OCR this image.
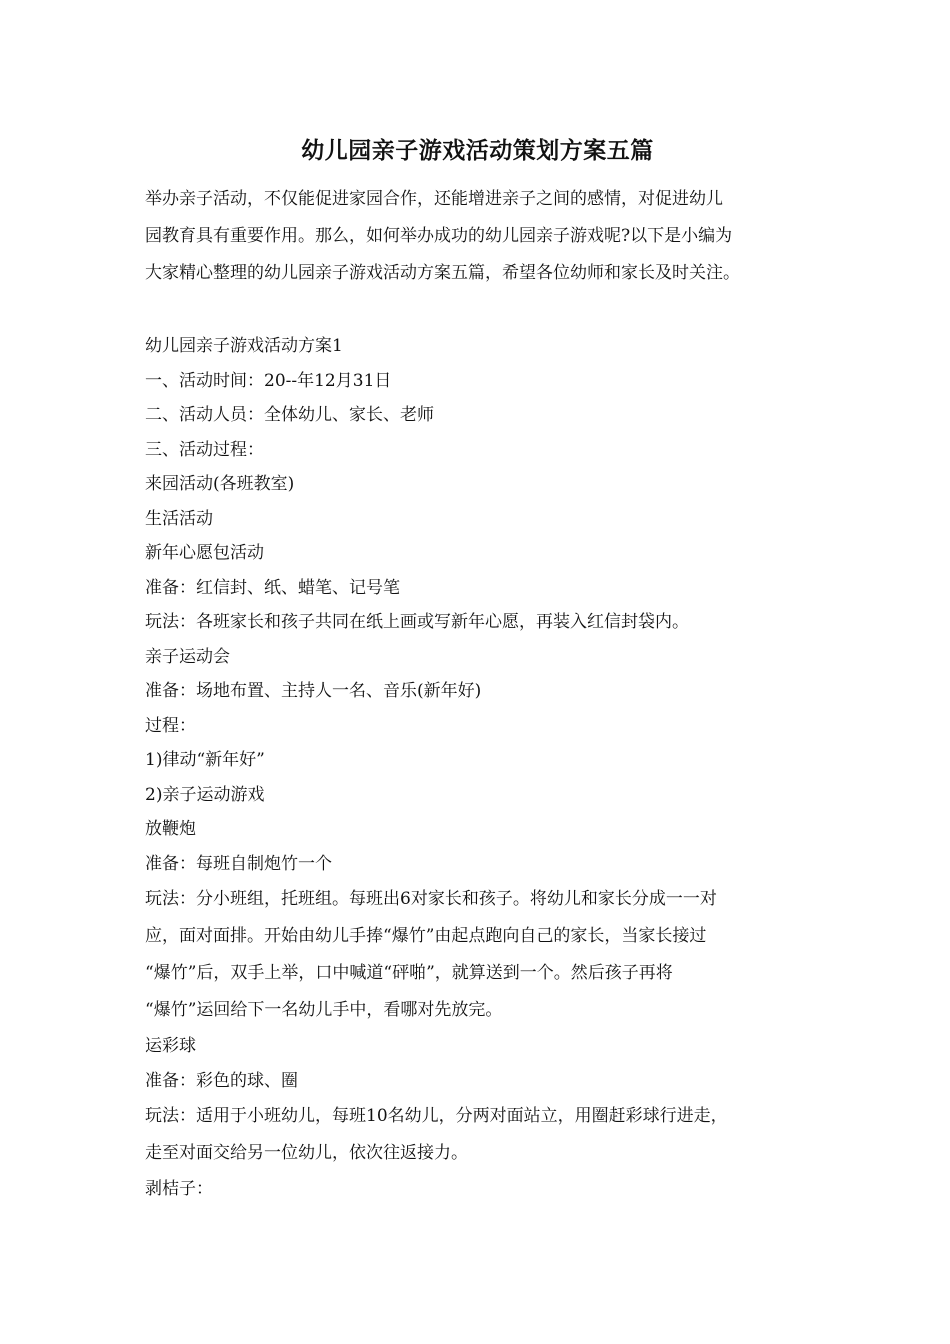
幼儿园亲子游戏活动策划方案五篇

举办亲子活动，不仅能促进家园合作，还能增进亲子之间的感情，对促进幼儿

园教育具有重要作用。那么，如何举办成功的幼儿园亲子游戏呢?以下是小编为

大家精心整理的幼儿园亲子游戏活动方案五篇，希望各位幼师和家长及时关注。

幼儿园亲子游戏活动方案1

一、活动时间：20--年12月31日

二、活动人员：全体幼儿、家长、老师

三、活动过程：

来园活动(各班教室)

生活活动

新年心愿包活动

准备：红信封、纸、蜡笔、记号笔

玩法：各班家长和孩子共同在纸上画或写新年心愿，再装入红信封袋内。

亲子运动会

准备：场地布置、主持人一名、音乐(新年好)

过程：

1)律动“新年好”

2)亲子运动游戏

放鞭炮

准备：每班自制炮竹一个

玩法：分小班组，托班组。每班出6对家长和孩子。将幼儿和家长分成一一对

应，面对面排。开始由幼儿手捧“爆竹”由起点跑向自己的家长，当家长接过

“爆竹”后，双手上举，口中喊道“砰啪”，就算送到一个。然后孩子再将

“爆竹”运回给下一名幼儿手中，看哪对先放完。

运彩球

准备：彩色的球、圈

玩法：适用于小班幼儿，每班10名幼儿，分两对面站立，用圈赶彩球行进走，

走至对面交给另一位幼儿，依次往返接力。

剥桔子：
